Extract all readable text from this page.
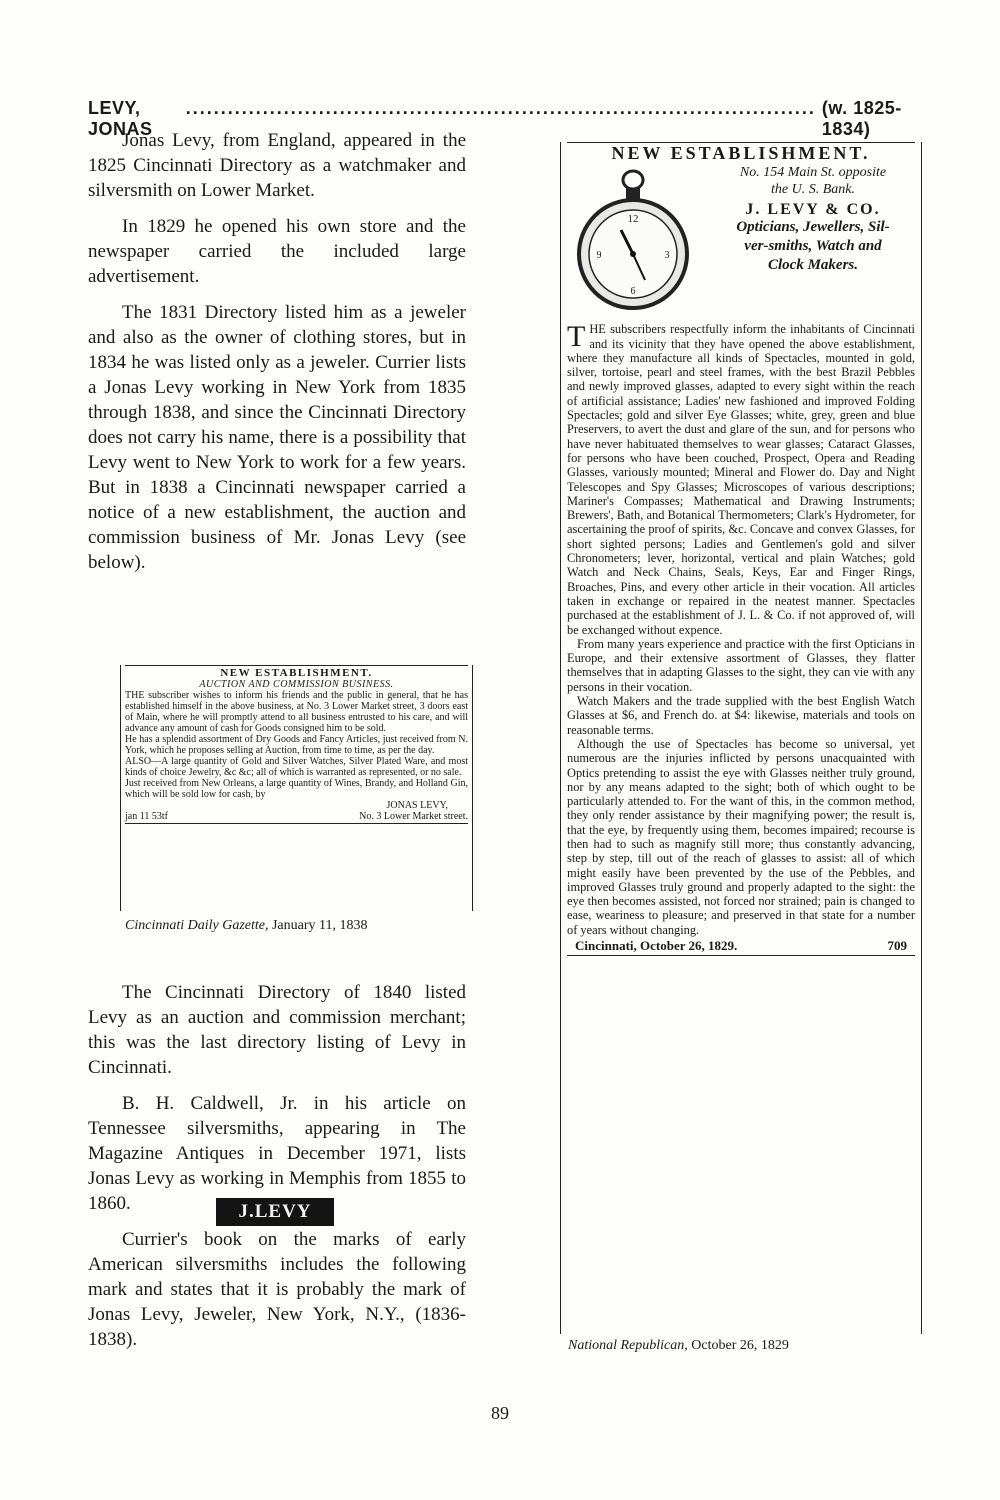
LEVY, JONAS
.......................................................................................... (w. 1825-1834)

Jonas Levy, from England, appeared in the 1825 Cincinnati Directory as a watchmaker and silversmith on Lower Market.

In 1829 he opened his own store and the newspaper carried the included large advertisement.

The 1831 Directory listed him as a jeweler and also as the owner of clothing stores, but in 1834 he was listed only as a jeweler. Currier lists a Jonas Levy working in New York from 1835 through 1838, and since the Cincinnati Directory does not carry his name, there is a possibility that Levy went to New York to work for a few years. But in 1838 a Cincinnati newspaper carried a notice of a new establishment, the auction and commission business of Mr. Jonas Levy (see below).

NEW ESTABLISHMENT.
AUCTION AND COMMISSION BUSINESS.

THE subscriber wishes to inform his friends and the public in general, that he has established himself in the above business, at No. 3 Lower Market street, 3 doors east of Main, where he will promptly attend to all business entrusted to his care, and will advance any amount of cash for Goods consigned him to be sold.

He has a splendid assortment of Dry Goods and Fancy Articles, just received from N. York, which he proposes selling at Auction, from time to time, as per the day.

ALSO—A large quantity of Gold and Silver Watches, Silver Plated Ware, and most kinds of choice Jewelry, &c &c; all of which is warranted as represented, or no sale.

Just received from New Orleans, a large quantity of Wines, Brandy, and Holland Gin, which will be sold low for cash, by

JONAS LEVY,

jan 11 53tf	No. 3 Lower Market street.
Cincinnati Daily Gazette, January 11, 1838

The Cincinnati Directory of 1840 listed Levy as an auction and commission merchant; this was the last directory listing of Levy in Cincinnati.

B. H. Caldwell, Jr. in his article on Tennessee silversmiths, appearing in The Magazine Antiques in December 1971, lists Jonas Levy as working in Memphis from 1855 to 1860.

Currier's book on the marks of early American silversmiths includes the following mark and states that it is probably the mark of Jonas Levy, Jeweler, New York, N.Y., (1836-1838).

J.LEVY
NEW ESTABLISHMENT.
12
3
6
9
No. 154 Main St. opposite
the U. S. Bank.
J. LEVY & CO.
Opticians, Jewellers, Sil-
ver-smiths, Watch and
Clock Makers.

THE subscribers respectfully inform the inhabitants of Cincinnati and its vicinity that they have opened the above establishment, where they manufacture all kinds of Spectacles, mounted in gold, silver, tortoise, pearl and steel frames, with the best Brazil Pebbles and newly improved glasses, adapted to every sight within the reach of artificial assistance; Ladies' new fashioned and improved Folding Spectacles; gold and silver Eye Glasses; white, grey, green and blue Preservers, to avert the dust and glare of the sun, and for persons who have never habituated themselves to wear glasses; Cataract Glasses, for persons who have been couched, Prospect, Opera and Reading Glasses, variously mounted; Mineral and Flower do. Day and Night Telescopes and Spy Glasses; Microscopes of various descriptions; Mariner's Compasses; Mathematical and Drawing Instruments; Brewers', Bath, and Botanical Thermometers; Clark's Hydrometer, for ascertaining the proof of spirits, &c. Concave and convex Glasses, for short sighted persons; Ladies and Gentlemen's gold and silver Chronometers; lever, horizontal, vertical and plain Watches; gold Watch and Neck Chains, Seals, Keys, Ear and Finger Rings, Broaches, Pins, and every other article in their vocation. All articles taken in exchange or repaired in the neatest manner. Spectacles purchased at the establishment of J. L. & Co. if not approved of, will be exchanged without expence.

From many years experience and practice with the first Opticians in Europe, and their extensive assortment of Glasses, they flatter themselves that in adapting Glasses to the sight, they can vie with any persons in their vocation.

Watch Makers and the trade supplied with the best English Watch Glasses at $6, and French do. at $4: likewise, materials and tools on reasonable terms.

Although the use of Spectacles has become so universal, yet numerous are the injuries inflicted by persons unacquainted with Optics pretending to assist the eye with Glasses neither truly ground, nor by any means adapted to the sight; both of which ought to be particularly attended to. For the want of this, in the common method, they only render assistance by their magnifying power; the result is, that the eye, by frequently using them, becomes impaired; recourse is then had to such as magnify still more; thus constantly advancing, step by step, till out of the reach of glasses to assist: all of which might easily have been prevented by the use of the Pebbles, and improved Glasses truly ground and properly adapted to the sight: the eye then becomes assisted, not forced nor strained; pain is changed to ease, weariness to pleasure; and preserved in that state for a number of years without changing.

Cincinnati, October 26, 1829.	709
National Republican, October 26, 1829
89
